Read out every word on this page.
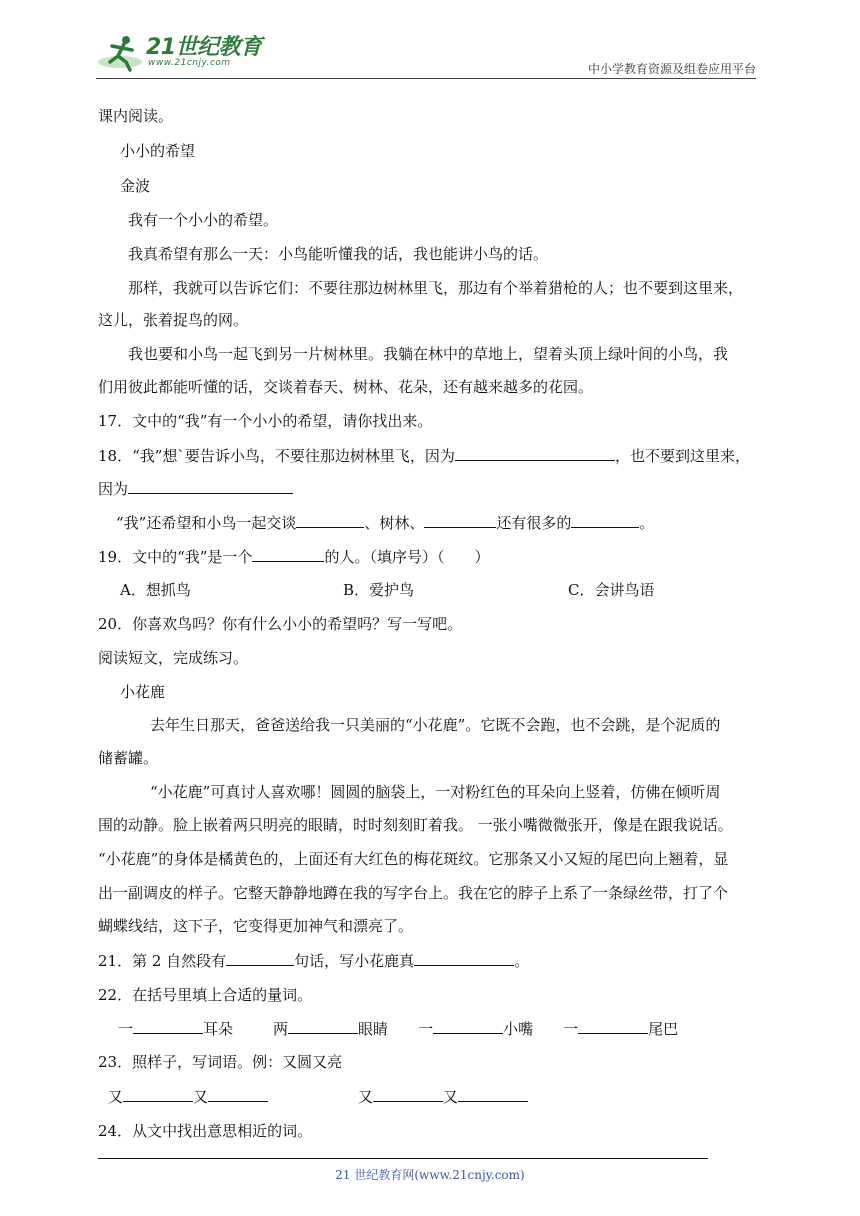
21世纪教育
www.21cnjy.com	中小学教育资源及组卷应用平台
课内阅读。
小小的希望
金波
我有一个小小的希望。
我真希望有那么一天：小鸟能听懂我的话，我也能讲小鸟的话。
那样，我就可以告诉它们：不要往那边树林里飞，那边有个举着猎枪的人；也不要到这里来，
这儿，张着捉鸟的网。
我也要和小鸟一起飞到另一片树林里。我躺在林中的草地上，望着头顶上绿叶间的小鸟，我
们用彼此都能听懂的话，交谈着春天、树林、花朵，还有越来越多的花园。
17．文中的“我”有一个小小的希望，请你找出来。
18．“我”想`要告诉小鸟，不要往那边树林里飞，因为	，也不要到这里来，
因为
“我”还希望和小鸟一起交谈	、树林、	还有很多的	。
19．文中的“我”是一个	的人。（填序号）（　　）
A．想抓鸟	B．爱护鸟	C．会讲鸟语
20．你喜欢鸟吗？你有什么小小的希望吗？写一写吧。
阅读短文，完成练习。
小花鹿
去年生日那天，爸爸送给我一只美丽的“小花鹿”。它既不会跑，也不会跳，是个泥质的
储蓄罐。
“小花鹿”可真讨人喜欢哪！圆圆的脑袋上，一对粉红色的耳朵向上竖着，仿佛在倾听周
围的动静。脸上嵌着两只明亮的眼睛，时时刻刻盯着我。 一张小嘴微微张开，像是在跟我说话。
“小花鹿”的身体是橘黄色的，上面还有大红色的梅花斑纹。它那条又小又短的尾巴向上翘着，显
出一副调皮的样子。它整天静静地蹲在我的写字台上。我在它的脖子上系了一条绿丝带，打了个
蝴蝶线结，这下子，它变得更加神气和漂亮了。
21．第 2 自然段有	句话，写小花鹿真	。
22．在括号里填上合适的量词。
一	耳朵	两	眼睛 一	小嘴 一	尾巴
23．照样子，写词语。例：又圆又亮
又	又	又	又
24．从文中找出意思相近的词。
21 世纪教育网(www.21cnjy.com)
